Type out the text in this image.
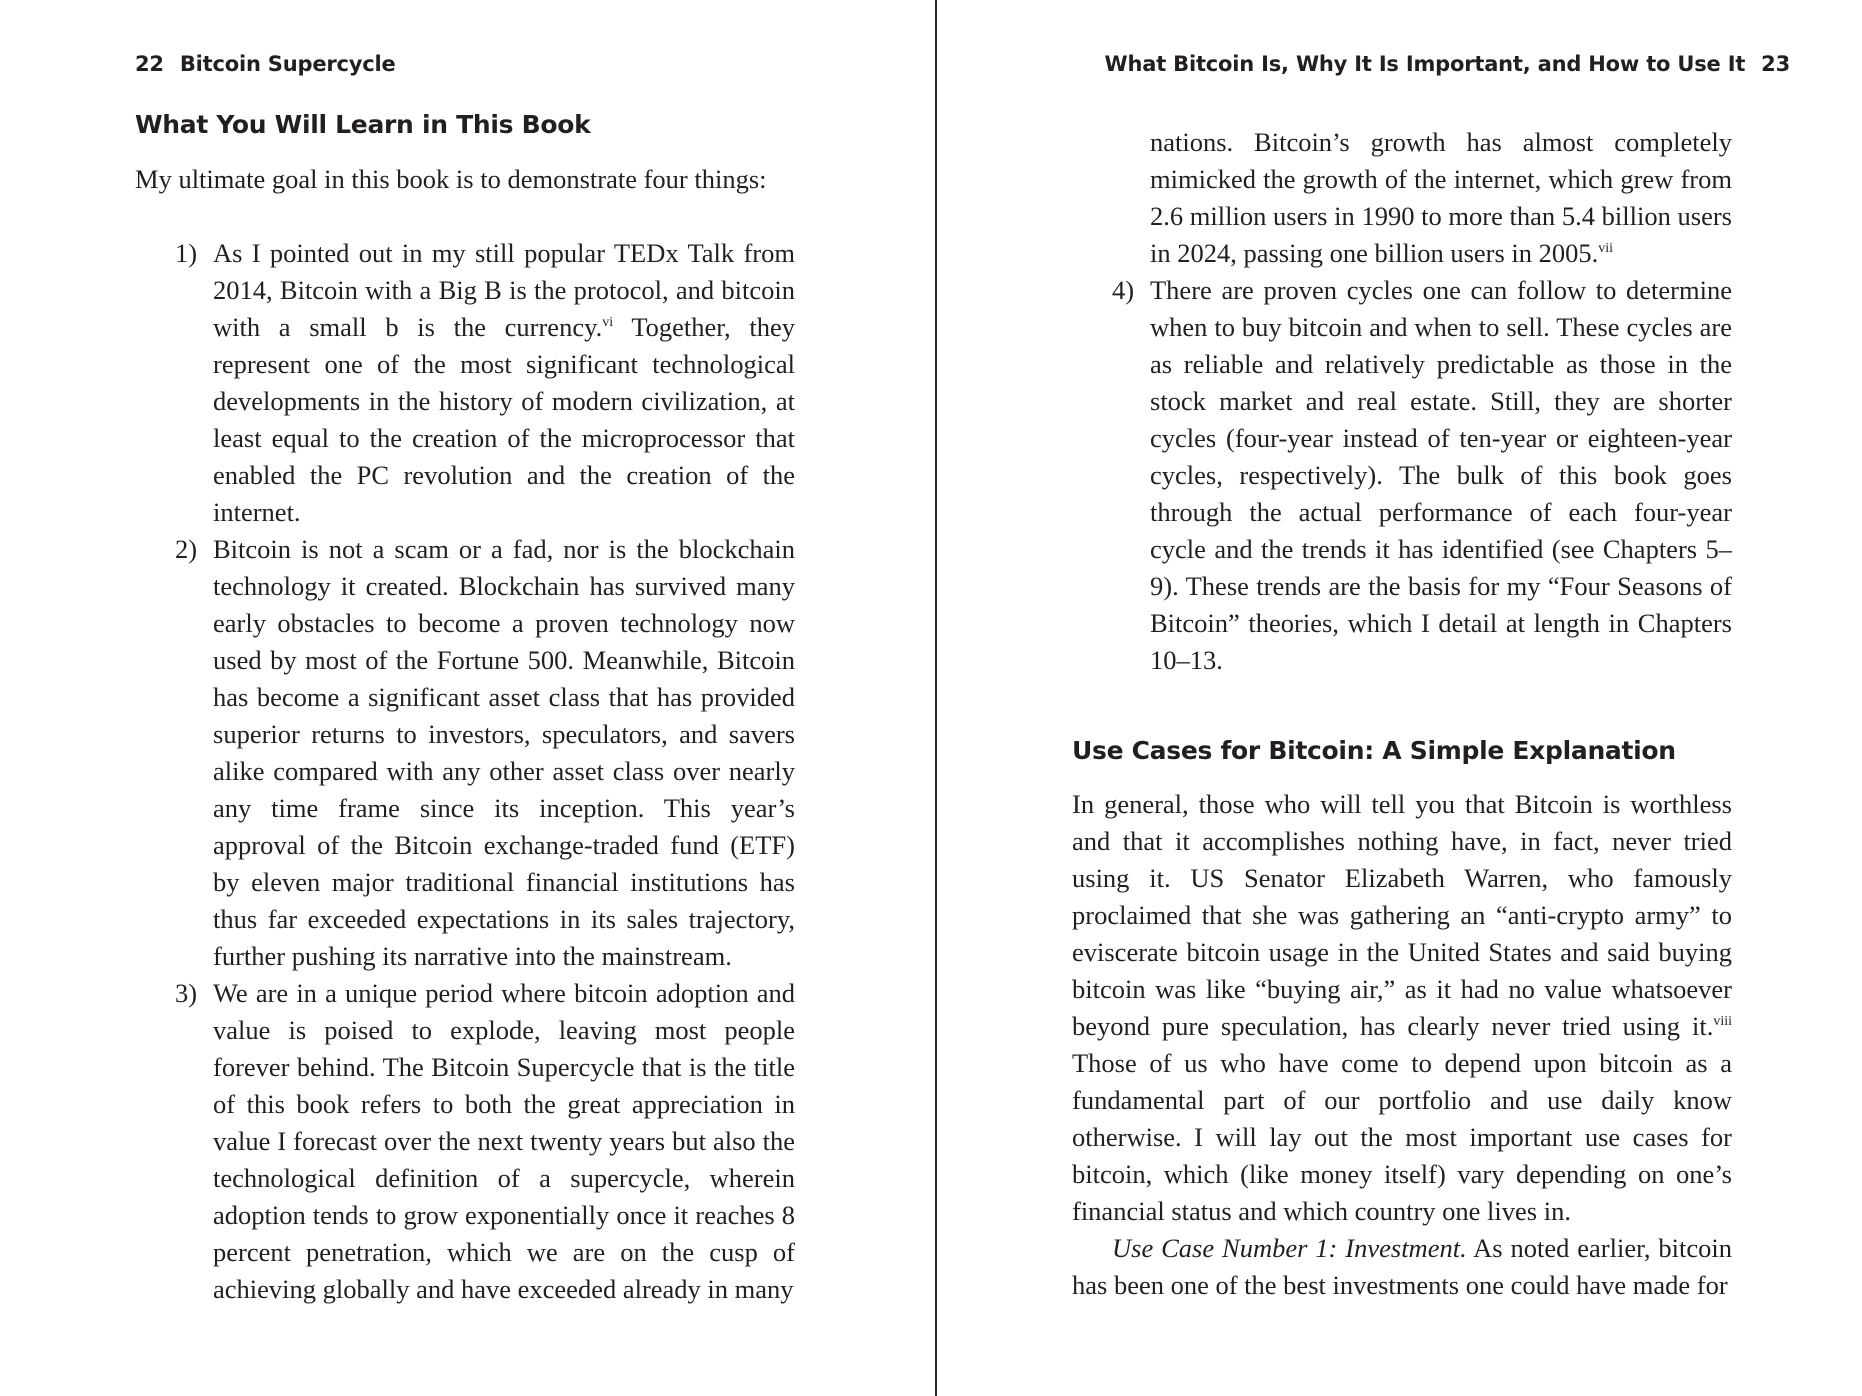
22 Bitcoin Supercycle
What You Will Learn in This Book

My ultimate goal in this book is to demonstrate four things:

1) As I pointed out in my still popular TEDx Talk from 2014, Bitcoin with a Big B is the protocol, and bitcoin with a small b is the currency.$^{vi}$ Together, they represent one of the most significant technological developments in the history of modern civilization, at least equal to the creation of the microprocessor that enabled the PC revolution and the creation of the internet.
2) Bitcoin is not a scam or a fad, nor is the blockchain technology it created. Blockchain has survived many early obstacles to become a proven technology now used by most of the Fortune 500. Meanwhile, Bitcoin has become a significant asset class that has provided superior returns to investors, speculators, and savers alike compared with any other asset class over nearly any time frame since its inception. This year’s approval of the Bitcoin exchange-traded fund (ETF) by eleven major traditional financial institutions has thus far exceeded expectations in its sales trajectory, further pushing its narrative into the mainstream.
3) We are in a unique period where bitcoin adoption and value is poised to explode, leaving most people forever behind. The Bitcoin Supercycle that is the title of this book refers to both the great appreciation in value I forecast over the next twenty years but also the technological definition of a supercycle, wherein adoption tends to grow exponentially once it reaches 8 percent penetration, which we are on the cusp of achieving globally and have exceeded already in many
What Bitcoin Is, Why It Is Important, and How to Use It 23
nations. Bitcoin’s growth has almost completely mimicked the growth of the internet, which grew from 2.6 million users in 1990 to more than 5.4 billion users in 2024, passing one billion users in 2005.$^{vii}$
4) There are proven cycles one can follow to determine when to buy bitcoin and when to sell. These cycles are as reliable and relatively predictable as those in the stock market and real estate. Still, they are shorter cycles (four-year instead of ten-year or eighteen-year cycles, respectively). The bulk of this book goes through the actual performance of each four-year cycle and the trends it has identified (see Chapters 5–9). These trends are the basis for my “Four Seasons of Bitcoin” theories, which I detail at length in Chapters 10–13.
Use Cases for Bitcoin: A Simple Explanation

In general, those who will tell you that Bitcoin is worthless and that it accomplishes nothing have, in fact, never tried using it. US Senator Elizabeth Warren, who famously proclaimed that she was gathering an “anti-crypto army” to eviscerate bitcoin usage in the United States and said buying bitcoin was like “buying air,” as it had no value whatsoever beyond pure speculation, has clearly never tried using it.$^{viii}$ Those of us who have come to depend upon bitcoin as a fundamental part of our portfolio and use daily know otherwise. I will lay out the most important use cases for bitcoin, which (like money itself) vary depending on one’s financial status and which country one lives in.

Use Case Number 1: Investment. As noted earlier, bitcoin has been one of the best investments one could have made for
